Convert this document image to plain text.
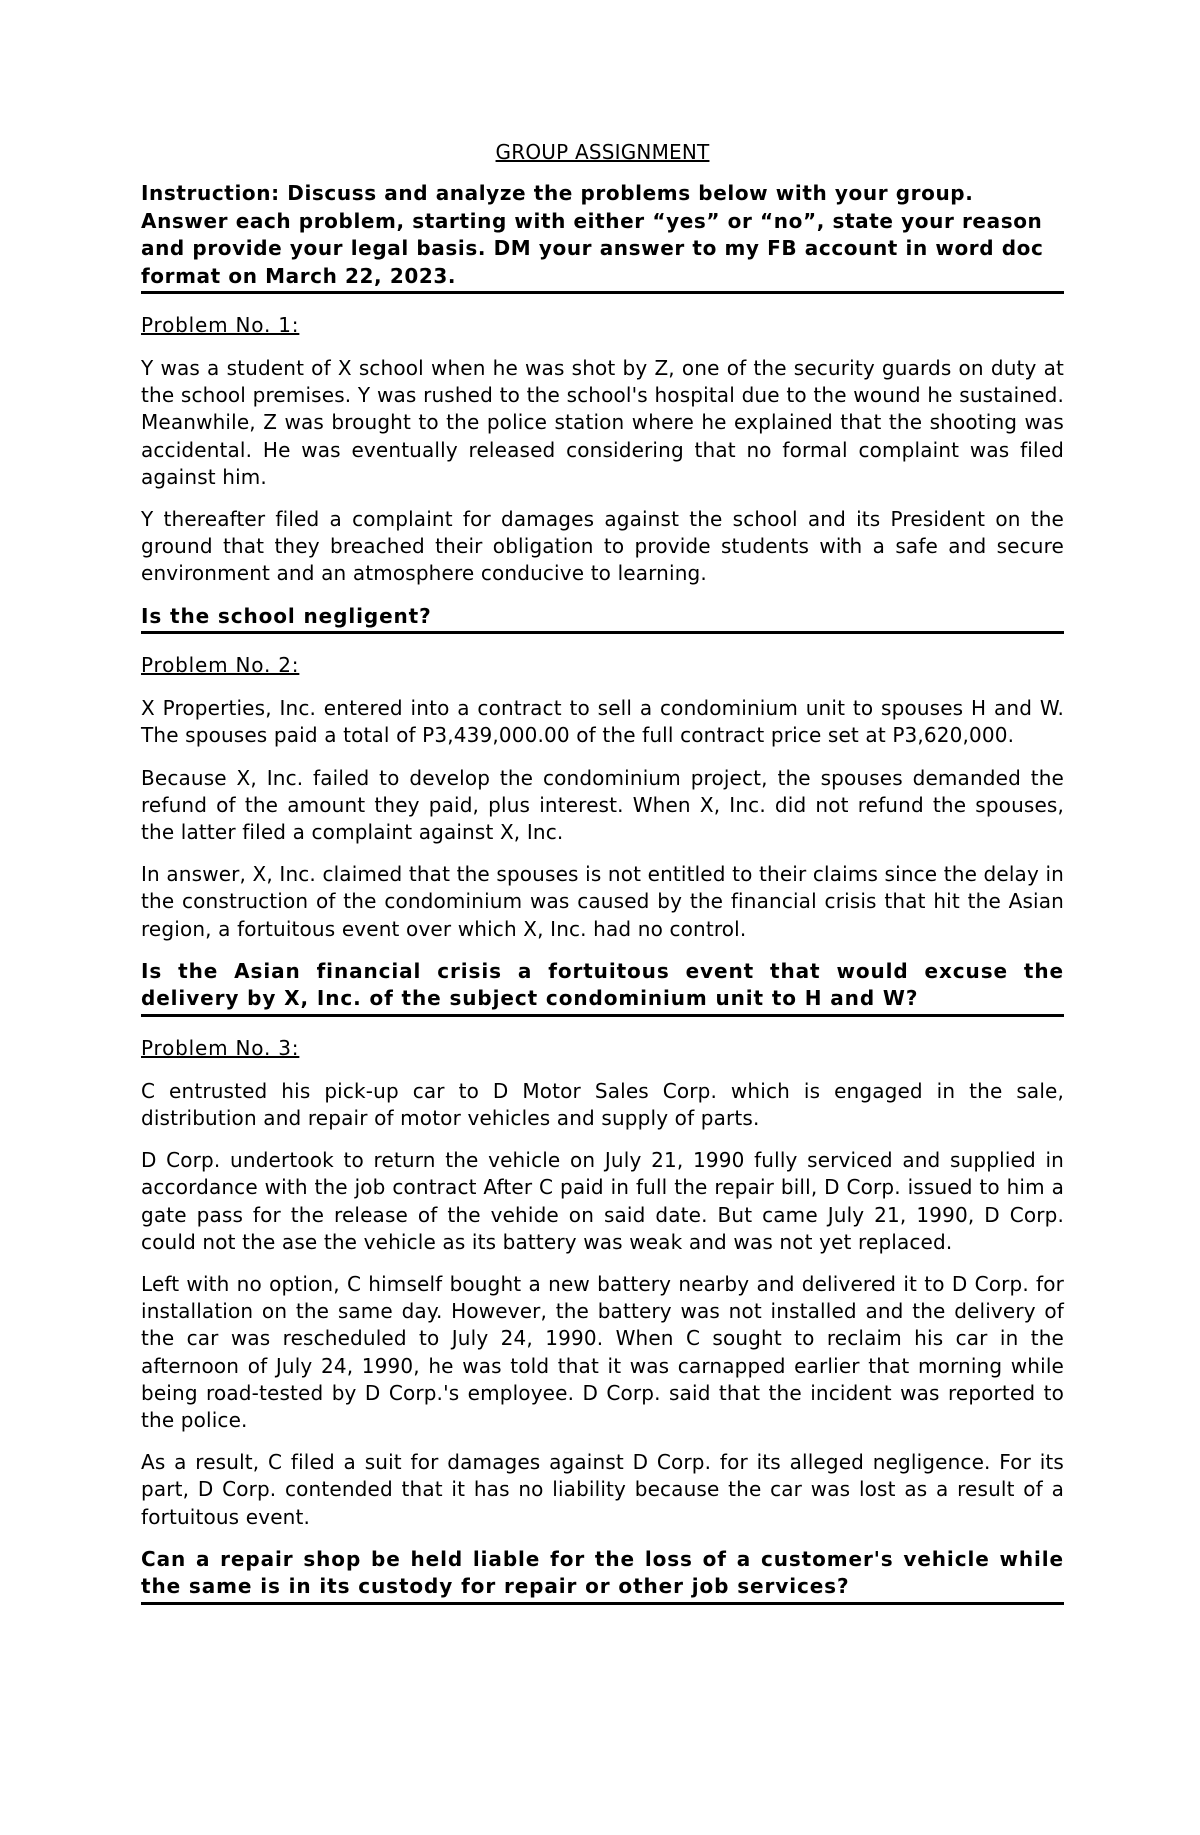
GROUP ASSIGNMENT

Instruction: Discuss and analyze the problems below with your group. Answer each problem, starting with either “yes” or “no”, state your reason and provide your legal basis. DM your answer to my FB account in word doc format on March 22, 2023.

Problem No. 1:

Y was a student of X school when he was shot by Z, one of the security guards on duty at the school premises. Y was rushed to the school's hospital due to the wound he sustained. Meanwhile, Z was brought to the police station where he explained that the shooting was accidental. He was eventually released considering that no formal complaint was filed against him.

Y thereafter filed a complaint for damages against the school and its President on the ground that they breached their obligation to provide students with a safe and secure environment and an atmosphere conducive to learning.

Is the school negligent?

Problem No. 2:

X Properties, Inc. entered into a contract to sell a condominium unit to spouses H and W. The spouses paid a total of P3,439,000.00 of the full contract price set at P3,620,000.

Because X, Inc. failed to develop the condominium project, the spouses demanded the refund of the amount they paid, plus interest. When X, Inc. did not refund the spouses, the latter filed a complaint against X, Inc.

In answer, X, Inc. claimed that the spouses is not entitled to their claims since the delay in the construction of the condominium was caused by the financial crisis that hit the Asian region, a fortuitous event over which X, Inc. had no control.

Is the Asian financial crisis a fortuitous event that would excuse the delivery by X, Inc. of the subject condominium unit to H and W?

Problem No. 3:

C entrusted his pick-up car to D Motor Sales Corp. which is engaged in the sale, distribution and repair of motor vehicles and supply of parts.

D Corp. undertook to return the vehicle on July 21, 1990 fully serviced and supplied in accordance with the job contract After C paid in full the repair bill, D Corp. issued to him a gate pass for the release of the vehide on said date. But came July 21, 1990, D Corp. could not the ase the vehicle as its battery was weak and was not yet replaced.

Left with no option, C himself bought a new battery nearby and delivered it to D Corp. for installation on the same day. However, the battery was not installed and the delivery of the car was rescheduled to July 24, 1990. When C sought to reclaim his car in the afternoon of July 24, 1990, he was told that it was carnapped earlier that morning while being road-tested by D Corp.'s employee. D Corp. said that the incident was reported to the police.

As a result, C filed a suit for damages against D Corp. for its alleged negligence. For its part, D Corp. contended that it has no liability because the car was lost as a result of a fortuitous event.

Can a repair shop be held liable for the loss of a customer's vehicle while the same is in its custody for repair or other job services?
